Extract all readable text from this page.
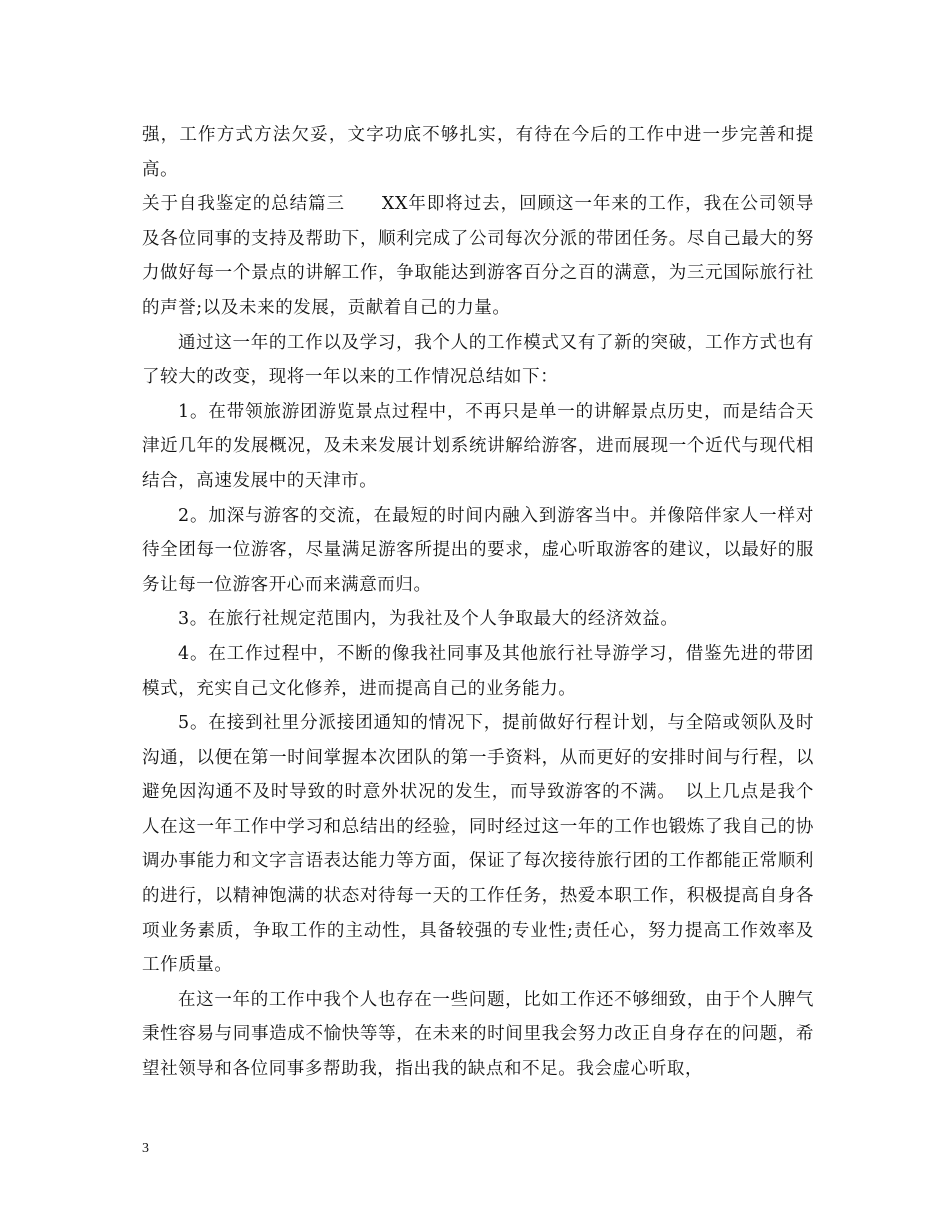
强，工作方式方法欠妥，文字功底不够扎实，有待在今后的工作中进一步完善和提高。

关于自我鉴定的总结篇三　　XX年即将过去，回顾这一年来的工作，我在公司领导及各位同事的支持及帮助下，顺利完成了公司每次分派的带团任务。尽自己最大的努力做好每一个景点的讲解工作，争取能达到游客百分之百的满意，为三元国际旅行社的声誉;以及未来的发展，贡献着自己的力量。

通过这一年的工作以及学习，我个人的工作模式又有了新的突破，工作方式也有了较大的改变，现将一年以来的工作情况总结如下：

1。在带领旅游团游览景点过程中，不再只是单一的讲解景点历史，而是结合天津近几年的发展概况，及未来发展计划系统讲解给游客，进而展现一个近代与现代相结合，高速发展中的天津市。

2。加深与游客的交流，在最短的时间内融入到游客当中。并像陪伴家人一样对待全团每一位游客，尽量满足游客所提出的要求，虚心听取游客的建议，以最好的服务让每一位游客开心而来满意而归。

3。在旅行社规定范围内，为我社及个人争取最大的经济效益。

4。在工作过程中，不断的像我社同事及其他旅行社导游学习，借鉴先进的带团模式，充实自己文化修养，进而提高自己的业务能力。

5。在接到社里分派接团通知的情况下，提前做好行程计划，与全陪或领队及时沟通，以便在第一时间掌握本次团队的第一手资料，从而更好的安排时间与行程，以避免因沟通不及时导致的时意外状况的发生，而导致游客的不满。　以上几点是我个人在这一年工作中学习和总结出的经验，同时经过这一年的工作也锻炼了我自己的协调办事能力和文字言语表达能力等方面，保证了每次接待旅行团的工作都能正常顺利的进行，以精神饱满的状态对待每一天的工作任务，热爱本职工作，积极提高自身各项业务素质，争取工作的主动性，具备较强的专业性;责任心，努力提高工作效率及工作质量。

在这一年的工作中我个人也存在一些问题，比如工作还不够细致，由于个人脾气秉性容易与同事造成不愉快等等，在未来的时间里我会努力改正自身存在的问题，希望社领导和各位同事多帮助我，指出我的缺点和不足。我会虚心听取，

3
